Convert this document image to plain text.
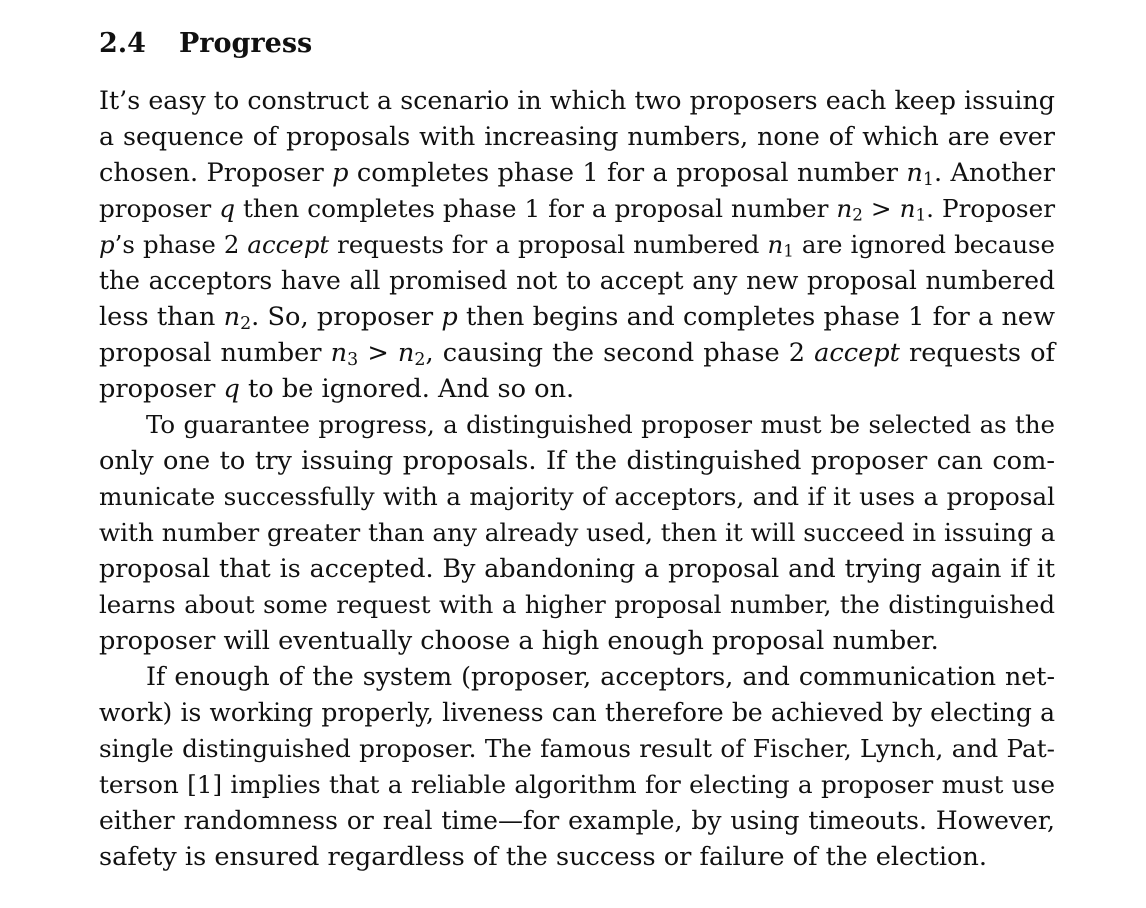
2.4 Progress
It’s easy to construct a scenario in which two proposers each keep issuing
a sequence of proposals with increasing numbers, none of which are ever
chosen. Proposer p completes phase 1 for a proposal number $n_1$. Another
proposer q then completes phase 1 for a proposal number $n_2 > n_1$. Proposer
p’s phase 2 accept requests for a proposal numbered $n_1$ are ignored because
the acceptors have all promised not to accept any new proposal numbered
less than $n_2$. So, proposer p then begins and completes phase 1 for a new
proposal number $n_3 > n_2$, causing the second phase 2 accept requests of
proposer q to be ignored. And so on.
To guarantee progress, a distinguished proposer must be selected as the
only one to try issuing proposals. If the distinguished proposer can com-
municate successfully with a majority of acceptors, and if it uses a proposal
with number greater than any already used, then it will succeed in issuing a
proposal that is accepted. By abandoning a proposal and trying again if it
learns about some request with a higher proposal number, the distinguished
proposer will eventually choose a high enough proposal number.
If enough of the system (proposer, acceptors, and communication net-
work) is working properly, liveness can therefore be achieved by electing a
single distinguished proposer. The famous result of Fischer, Lynch, and Pat-
terson [1] implies that a reliable algorithm for electing a proposer must use
either randomness or real time—for example, by using timeouts. However,
safety is ensured regardless of the success or failure of the election.
